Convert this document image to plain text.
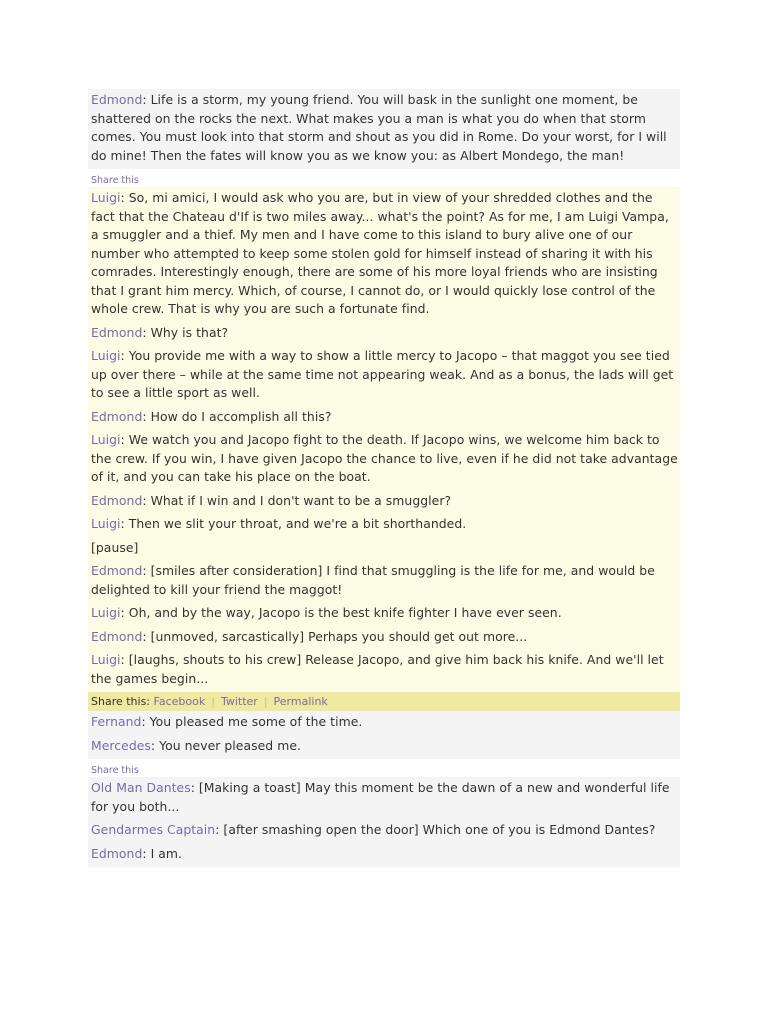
Edmond: Life is a storm, my young friend. You will bask in the sunlight one moment, be shattered on the rocks the next. What makes you a man is what you do when that storm comes. You must look into that storm and shout as you did in Rome. Do your worst, for I will do mine! Then the fates will know you as we know you: as Albert Mondego, the man!
Share this
Luigi: So, mi amici, I would ask who you are, but in view of your shredded clothes and the fact that the Chateau d'If is two miles away... what's the point? As for me, I am Luigi Vampa, a smuggler and a thief. My men and I have come to this island to bury alive one of our number who attempted to keep some stolen gold for himself instead of sharing it with his comrades. Interestingly enough, there are some of his more loyal friends who are insisting that I grant him mercy. Which, of course, I cannot do, or I would quickly lose control of the whole crew. That is why you are such a fortunate find.
Edmond: Why is that?
Luigi: You provide me with a way to show a little mercy to Jacopo – that maggot you see tied up over there – while at the same time not appearing weak. And as a bonus, the lads will get to see a little sport as well.
Edmond: How do I accomplish all this?
Luigi: We watch you and Jacopo fight to the death. If Jacopo wins, we welcome him back to the crew. If you win, I have given Jacopo the chance to live, even if he did not take advantage of it, and you can take his place on the boat.
Edmond: What if I win and I don't want to be a smuggler?
Luigi: Then we slit your throat, and we're a bit shorthanded.
[pause]
Edmond: [smiles after consideration] I find that smuggling is the life for me, and would be delighted to kill your friend the maggot!
Luigi: Oh, and by the way, Jacopo is the best knife fighter I have ever seen.
Edmond: [unmoved, sarcastically] Perhaps you should get out more...
Luigi: [laughs, shouts to his crew] Release Jacopo, and give him back his knife. And we'll let the games begin...
Share this: Facebook | Twitter | Permalink
Fernand: You pleased me some of the time.
Mercedes: You never pleased me.
Share this
Old Man Dantes: [Making a toast] May this moment be the dawn of a new and wonderful life for you both...
Gendarmes Captain: [after smashing open the door] Which one of you is Edmond Dantes?
Edmond: I am.
